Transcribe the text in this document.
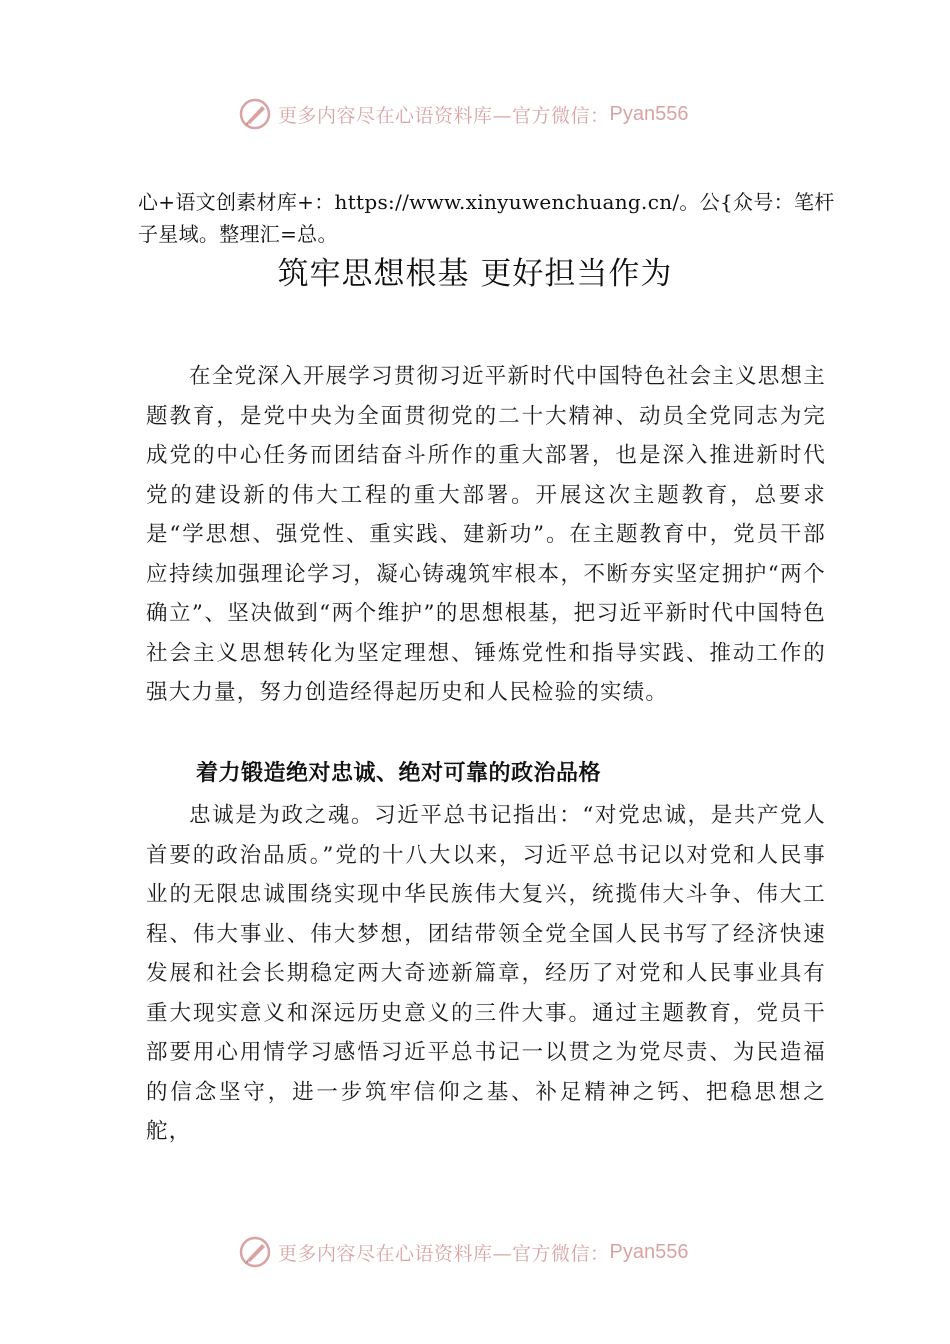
更多内容尽在心语资料库—官方微信： Pyan556
心+语文创素材库+：https://www.xinyuwenchuang.cn/。公{众号：笔杆子星域。整理汇=总。
筑牢思想根基 更好担当作为
在全党深入开展学习贯彻习近平新时代中国特色社会主义思想主题教育，是党中央为全面贯彻党的二十大精神、动员全党同志为完成党的中心任务而团结奋斗所作的重大部署，也是深入推进新时代党的建设新的伟大工程的重大部署。开展这次主题教育，总要求是“学思想、强党性、重实践、建新功”。在主题教育中，党员干部应持续加强理论学习，凝心铸魂筑牢根本，不断夯实坚定拥护“两个确立”、坚决做到“两个维护”的思想根基，把习近平新时代中国特色社会主义思想转化为坚定理想、锤炼党性和指导实践、推动工作的强大力量，努力创造经得起历史和人民检验的实绩。
着力锻造绝对忠诚、绝对可靠的政治品格
忠诚是为政之魂。习近平总书记指出：“对党忠诚，是共产党人首要的政治品质。”党的十八大以来，习近平总书记以对党和人民事业的无限忠诚围绕实现中华民族伟大复兴，统揽伟大斗争、伟大工程、伟大事业、伟大梦想，团结带领全党全国人民书写了经济快速发展和社会长期稳定两大奇迹新篇章，经历了对党和人民事业具有重大现实意义和深远历史意义的三件大事。通过主题教育，党员干部要用心用情学习感悟习近平总书记一以贯之为党尽责、为民造福的信念坚守，进一步筑牢信仰之基、补足精神之钙、把稳思想之舵，
更多内容尽在心语资料库—官方微信： Pyan556
